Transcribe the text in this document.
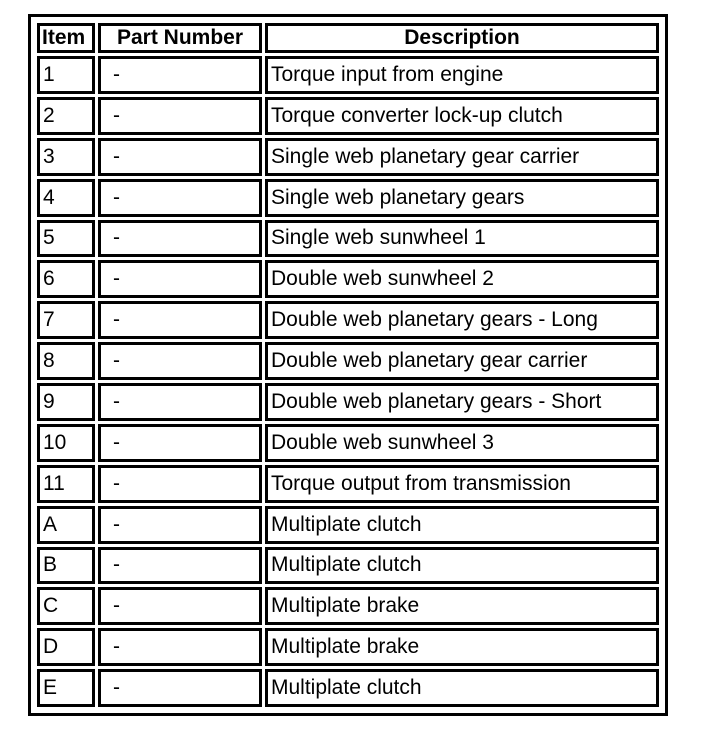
Item	Part Number	Description
1	-	Torque input from engine
2	-	Torque converter lock-up clutch
3	-	Single web planetary gear carrier
4	-	Single web planetary gears
5	-	Single web sunwheel 1
6	-	Double web sunwheel 2
7	-	Double web planetary gears - Long
8	-	Double web planetary gear carrier
9	-	Double web planetary gears - Short
10	-	Double web sunwheel 3
11	-	Torque output from transmission
A	-	Multiplate clutch
B	-	Multiplate clutch
C	-	Multiplate brake
D	-	Multiplate brake
E	-	Multiplate clutch
